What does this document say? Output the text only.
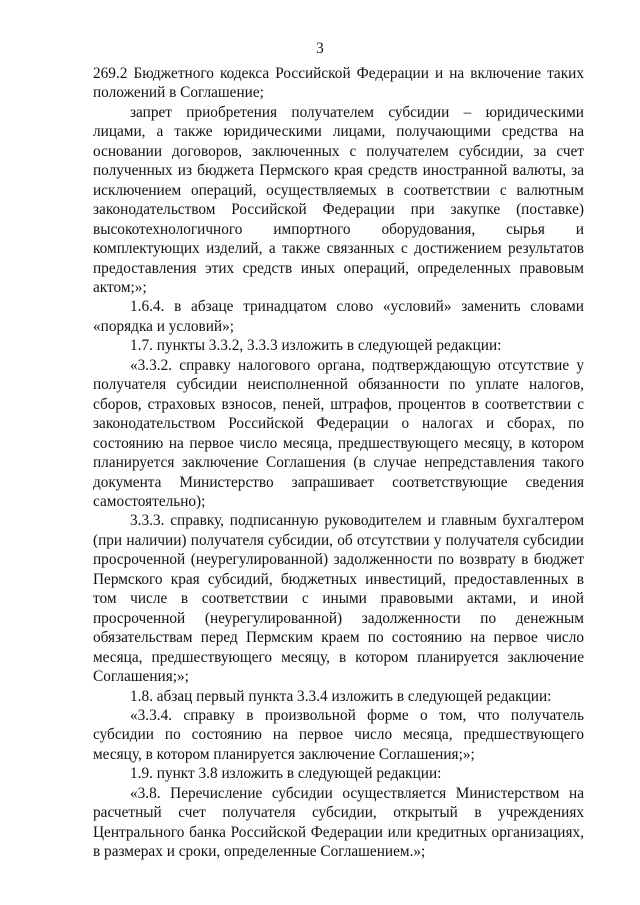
3

269.2 Бюджетного кодекса Российской Федерации и на включение таких положений в Соглашение;

запрет приобретения получателем субсидии – юридическими лицами, а также юридическими лицами, получающими средства на основании договоров, заключенных с получателем субсидии, за счет полученных из бюджета Пермского края средств иностранной валюты, за исключением операций, осуществляемых в соответствии с валютным законодательством Российской Федерации при закупке (поставке) высокотехнологичного импортного оборудования, сырья и комплектующих изделий, а также связанных с достижением результатов предоставления этих средств иных операций, определенных правовым актом;»;

1.6.4. в абзаце тринадцатом слово «условий» заменить словами «порядка и условий»;

1.7. пункты 3.3.2, 3.3.3 изложить в следующей редакции:

«3.3.2. справку налогового органа, подтверждающую отсутствие у получателя субсидии неисполненной обязанности по уплате налогов, сборов, страховых взносов, пеней, штрафов, процентов в соответствии с законодательством Российской Федерации о налогах и сборах, по состоянию на первое число месяца, предшествующего месяцу, в котором планируется заключение Соглашения (в случае непредставления такого документа Министерство запрашивает соответствующие сведения самостоятельно);

3.3.3. справку, подписанную руководителем и главным бухгалтером (при наличии) получателя субсидии, об отсутствии у получателя субсидии просроченной (неурегулированной) задолженности по возврату в бюджет Пермского края субсидий, бюджетных инвестиций, предоставленных в том числе в соответствии с иными правовыми актами, и иной просроченной (неурегулированной) задолженности по денежным обязательствам перед Пермским краем по состоянию на первое число месяца, предшествующего месяцу, в котором планируется заключение Соглашения;»;

1.8. абзац первый пункта 3.3.4 изложить в следующей редакции:

«3.3.4. справку в произвольной форме о том, что получатель субсидии по состоянию на первое число месяца, предшествующего месяцу, в котором планируется заключение Соглашения;»;

1.9. пункт 3.8 изложить в следующей редакции:

«3.8. Перечисление субсидии осуществляется Министерством на расчетный счет получателя субсидии, открытый в учреждениях Центрального банка Российской Федерации или кредитных организациях, в размерах и сроки, определенные Соглашением.»;
